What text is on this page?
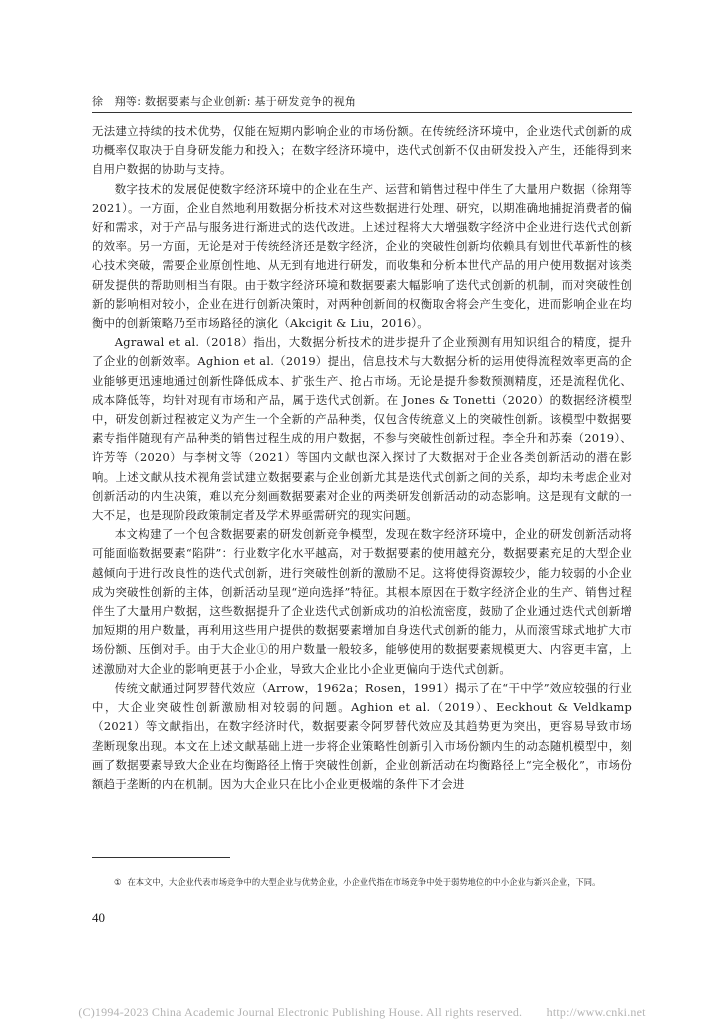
徐　翔等: 数据要素与企业创新: 基于研发竞争的视角

无法建立持续的技术优势，仅能在短期内影响企业的市场份额。在传统经济环境中，企业迭代式创新的成功概率仅取决于自身研发能力和投入；在数字经济环境中，迭代式创新不仅由研发投入产生，还能得到来自用户数据的协助与支持。

数字技术的发展促使数字经济环境中的企业在生产、运营和销售过程中伴生了大量用户数据（徐翔等 2021）。一方面，企业自然地利用数据分析技术对这些数据进行处理、研究，以期准确地捕捉消费者的偏好和需求，对于产品与服务进行渐进式的迭代改进。上述过程将大大增强数字经济中企业进行迭代式创新的效率。另一方面，无论是对于传统经济还是数字经济，企业的突破性创新均依赖具有划世代革新性的核心技术突破，需要企业原创性地、从无到有地进行研发，而收集和分析本世代产品的用户使用数据对该类研发提供的帮助则相当有限。由于数字经济环境和数据要素大幅影响了迭代式创新的机制，而对突破性创新的影响相对较小，企业在进行创新决策时，对两种创新间的权衡取舍将会产生变化，进而影响企业在均衡中的创新策略乃至市场路径的演化（Akcigit & Liu，2016）。

Agrawal et al.（2018）指出，大数据分析技术的进步提升了企业预测有用知识组合的精度，提升了企业的创新效率。Aghion et al.（2019）提出，信息技术与大数据分析的运用使得流程效率更高的企业能够更迅速地通过创新性降低成本、扩张生产、抢占市场。无论是提升参数预测精度，还是流程优化、成本降低等，均针对现有市场和产品，属于迭代式创新。在 Jones & Tonetti（2020）的数据经济模型中，研发创新过程被定义为产生一个全新的产品种类，仅包含传统意义上的突破性创新。该模型中数据要素专指伴随现有产品种类的销售过程生成的用户数据，不参与突破性创新过程。李全升和苏秦（2019）、许芳等（2020）与李树文等（2021）等国内文献也深入探讨了大数据对于企业各类创新活动的潜在影响。上述文献从技术视角尝试建立数据要素与企业创新尤其是迭代式创新之间的关系，却均未考虑企业对创新活动的内生决策，难以充分刻画数据要素对企业的两类研发创新活动的动态影响。这是现有文献的一大不足，也是现阶段政策制定者及学术界亟需研究的现实问题。

本文构建了一个包含数据要素的研发创新竞争模型，发现在数字经济环境中，企业的研发创新活动将可能面临数据要素“陷阱”：行业数字化水平越高，对于数据要素的使用越充分，数据要素充足的大型企业越倾向于进行改良性的迭代式创新，进行突破性创新的激励不足。这将使得资源较少，能力较弱的小企业成为突破性创新的主体，创新活动呈现“逆向选择”特征。其根本原因在于数字经济企业的生产、销售过程伴生了大量用户数据，这些数据提升了企业迭代式创新成功的泊松流密度，鼓励了企业通过迭代式创新增加短期的用户数量，再利用这些用户提供的数据要素增加自身迭代式创新的能力，从而滚雪球式地扩大市场份额、压倒对手。由于大企业①的用户数量一般较多，能够使用的数据要素规模更大、内容更丰富，上述激励对大企业的影响更甚于小企业，导致大企业比小企业更偏向于迭代式创新。

传统文献通过阿罗替代效应（Arrow，1962a；Rosen，1991）揭示了在“干中学”效应较强的行业中，大企业突破性创新激励相对较弱的问题。Aghion et al.（2019）、Eeckhout & Veldkamp（2021）等文献指出，在数字经济时代，数据要素令阿罗替代效应及其趋势更为突出，更容易导致市场垄断现象出现。本文在上述文献基础上进一步将企业策略性创新引入市场份额内生的动态随机模型中，刻画了数据要素导致大企业在均衡路径上惰于突破性创新，企业创新活动在均衡路径上“完全极化”，市场份额趋于垄断的内在机制。因为大企业只在比小企业更极端的条件下才会进

① 在本文中，大企业代表市场竞争中的大型企业与优势企业，小企业代指在市场竞争中处于弱势地位的中小企业与新兴企业，下同。
40
(C)1994-2023 China Academic Journal Electronic Publishing House. All rights reserved.　　http://www.cnki.net
